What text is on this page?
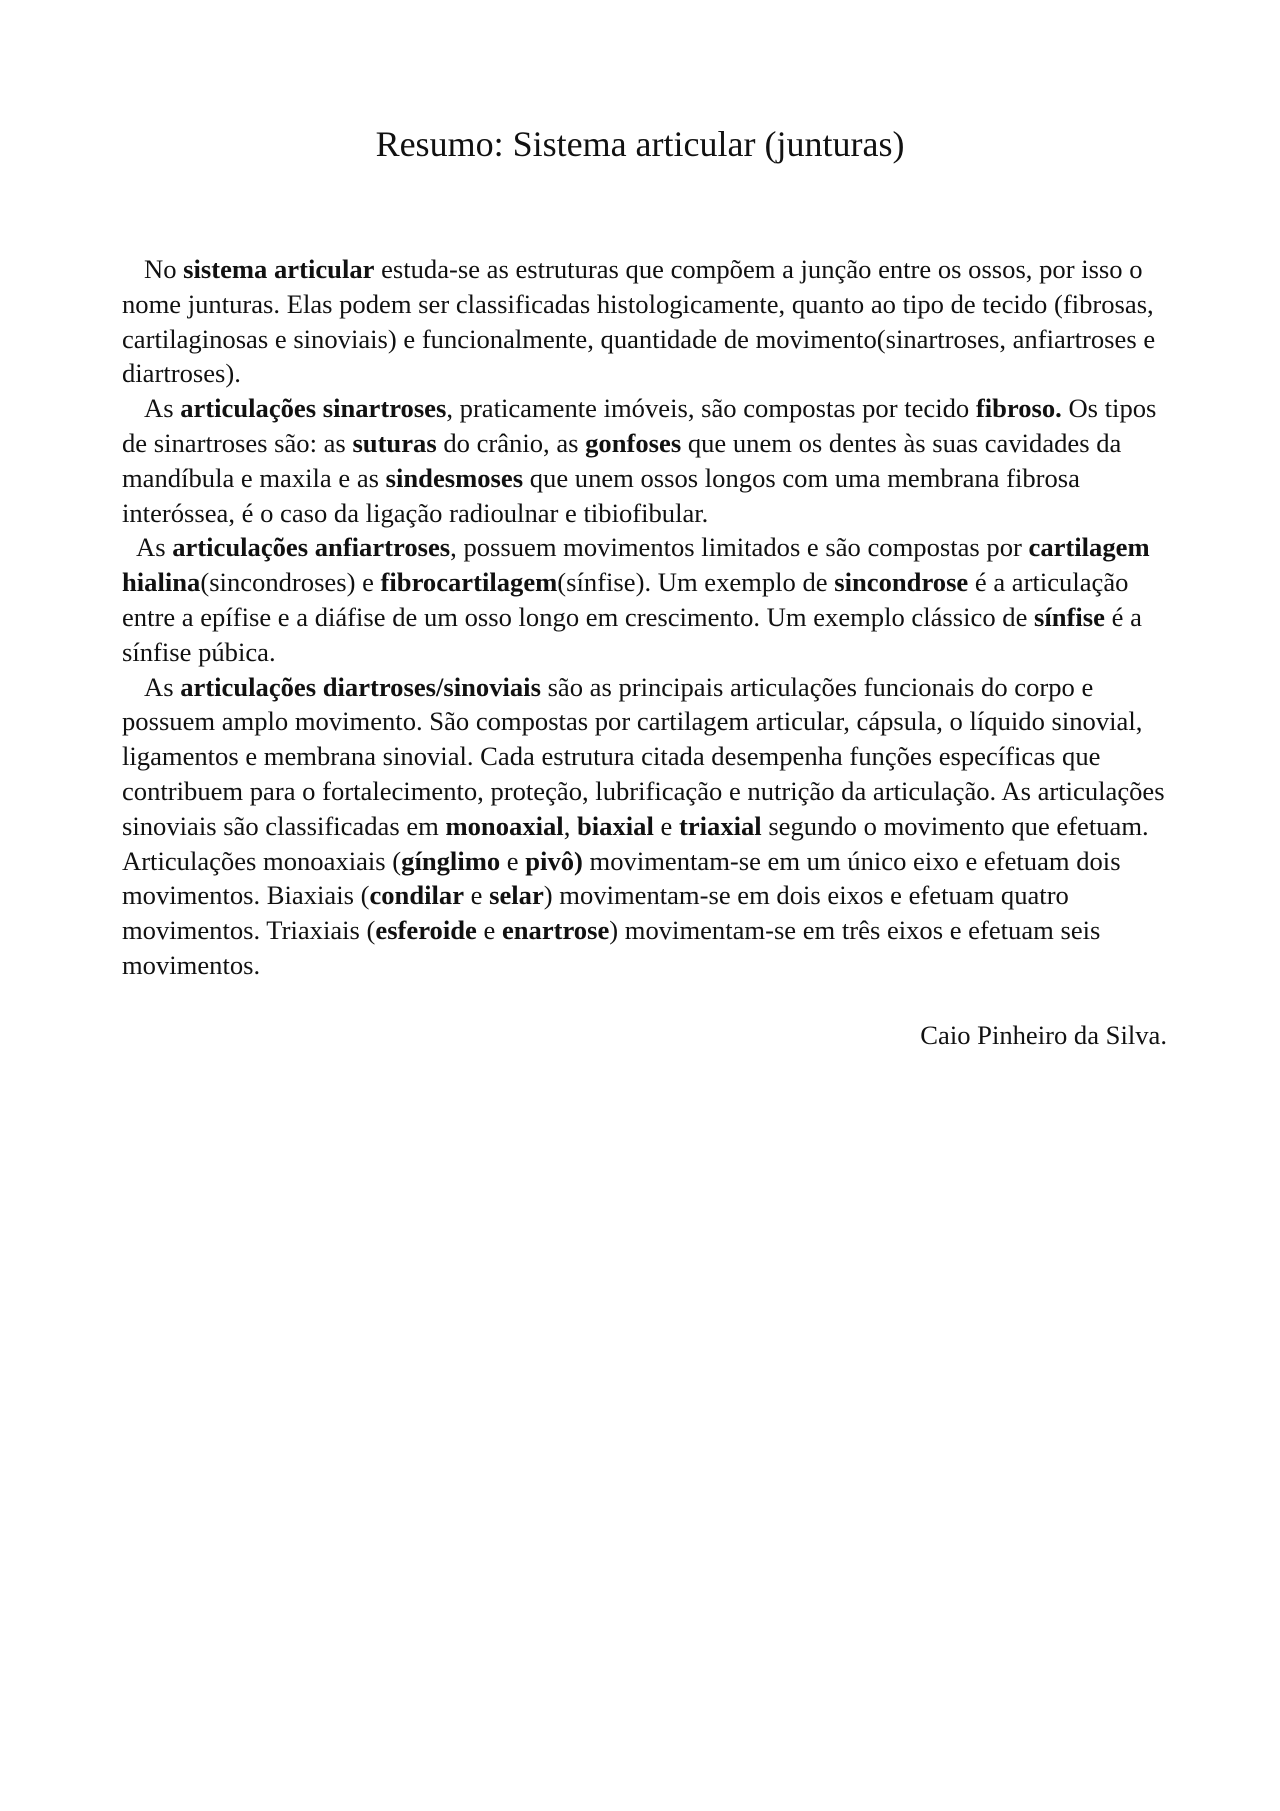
Resumo: Sistema articular (junturas)

No sistema articular estuda-se as estruturas que compõem a junção entre os ossos, por isso o nome junturas. Elas podem ser classificadas histologicamente, quanto ao tipo de tecido (fibrosas, cartilaginosas e sinoviais) e funcionalmente, quantidade de movimento(sinartroses, anfiartroses e diartroses).

As articulações sinartroses, praticamente imóveis, são compostas por tecido fibroso. Os tipos de sinartroses são: as suturas do crânio, as gonfoses que unem os dentes às suas cavidades da mandíbula e maxila e as sindesmoses que unem ossos longos com uma membrana fibrosa interóssea, é o caso da ligação radioulnar e tibiofibular.

As articulações anfiartroses, possuem movimentos limitados e são compostas por cartilagem hialina(sincondroses) e fibrocartilagem(sínfise). Um exemplo de sincondrose é a articulação entre a epífise e a diáfise de um osso longo em crescimento. Um exemplo clássico de sínfise é a sínfise púbica.

As articulações diartroses/sinoviais são as principais articulações funcionais do corpo e possuem amplo movimento. São compostas por cartilagem articular, cápsula, o líquido sinovial, ligamentos e membrana sinovial. Cada estrutura citada desempenha funções específicas que contribuem para o fortalecimento, proteção, lubrificação e nutrição da articulação. As articulações sinoviais são classificadas em monoaxial, biaxial e triaxial segundo o movimento que efetuam. Articulações monoaxiais (gínglimo e pivô) movimentam-se em um único eixo e efetuam dois movimentos. Biaxiais (condilar e selar) movimentam-se em dois eixos e efetuam quatro movimentos. Triaxiais (esferoide e enartrose) movimentam-se em três eixos e efetuam seis movimentos.

Caio Pinheiro da Silva.
